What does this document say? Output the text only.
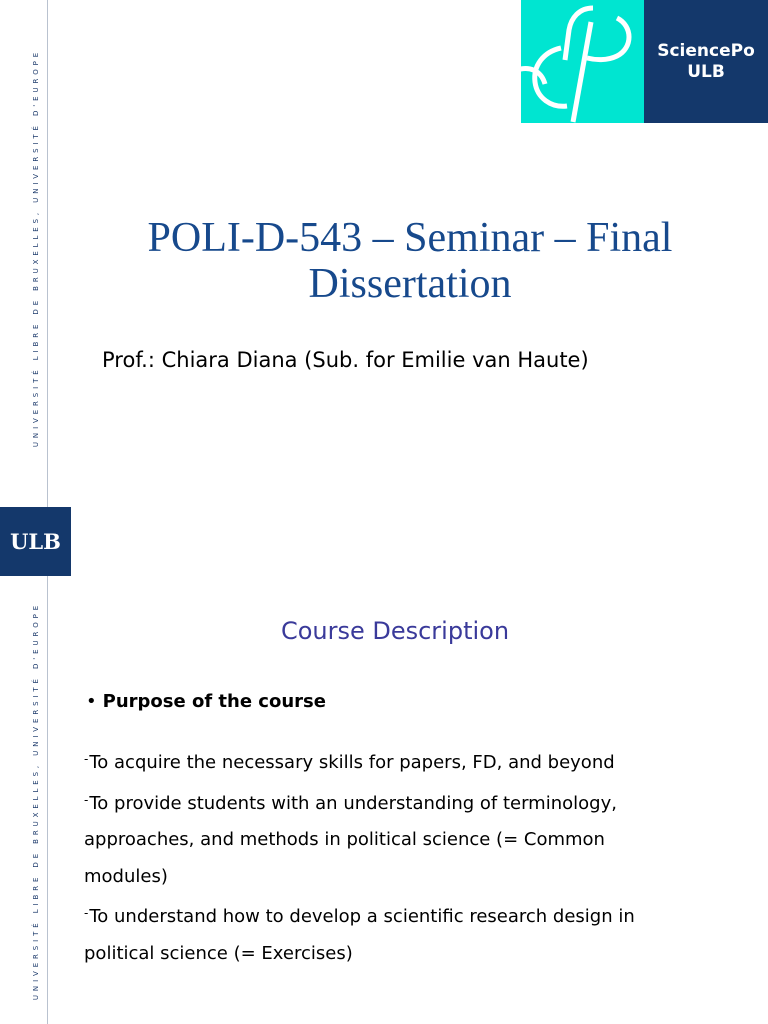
UNIVERSITÉ LIBRE DE BRUXELLES, UNIVERSITÉ D'EUROPE
ULB
UNIVERSITÉ LIBRE DE BRUXELLES, UNIVERSITÉ D'EUROPE
SciencePo
ULB
POLI-D-543 – Seminar – Final Dissertation
Prof.: Chiara Diana (Sub. for Emilie van Haute)
Course Description
• Purpose of the course
-To acquire the necessary skills for papers, FD, and beyond
-To provide students with an understanding of terminology,
approaches, and methods in political science (= Common
modules)
-To understand how to develop a scientific research design in
political science (= Exercises)
